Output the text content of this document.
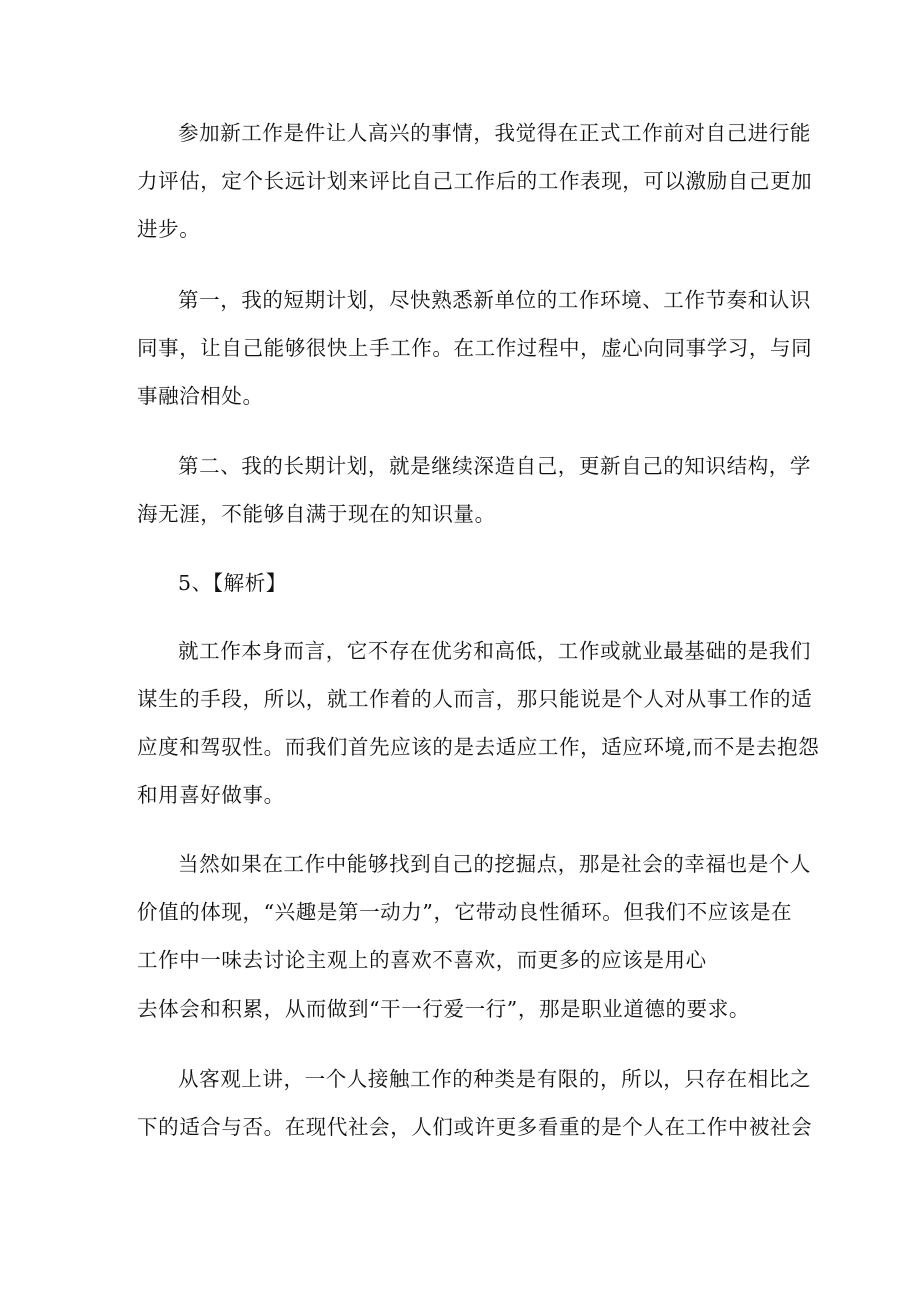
参加新工作是件让人高兴的事情，我觉得在正式工作前对自己进行能
力评估，定个长远计划来评比自己工作后的工作表现，可以激励自己更加
进步。
第一，我的短期计划，尽快熟悉新单位的工作环境、工作节奏和认识
同事，让自己能够很快上手工作。在工作过程中，虚心向同事学习，与同
事融洽相处。
第二、我的长期计划，就是继续深造自己，更新自己的知识结构，学
海无涯，不能够自满于现在的知识量。
5、【解析】
就工作本身而言，它不存在优劣和高低，工作或就业最基础的是我们
谋生的手段，所以，就工作着的人而言，那只能说是个人对从事工作的适
应度和驾驭性。而我们首先应该的是去适应工作，适应环境,而不是去抱怨
和用喜好做事。
当然如果在工作中能够找到自己的挖掘点，那是社会的幸福也是个人
价值的体现，“兴趣是第一动力”，它带动良性循环。但我们不应该是在
工作中一味去讨论主观上的喜欢不喜欢，而更多的应该是用心
去体会和积累，从而做到“干一行爱一行”，那是职业道德的要求。
从客观上讲，一个人接触工作的种类是有限的，所以，只存在相比之
下的适合与否。在现代社会，人们或许更多看重的是个人在工作中被社会
